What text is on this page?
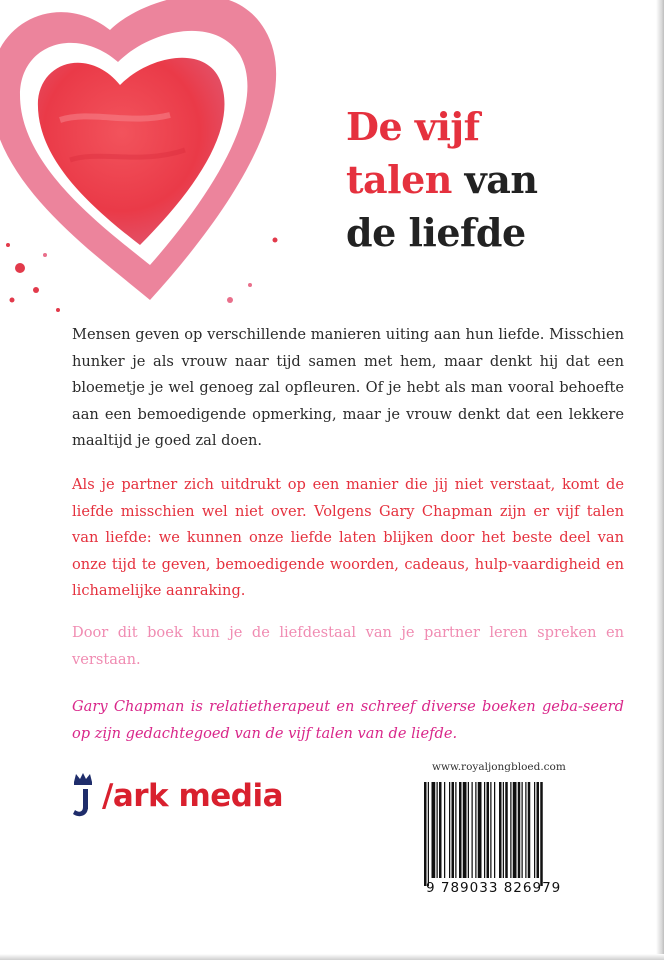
De vijf
talen van
de liefde
Mensen geven op verschillende manieren uiting aan hun liefde. Misschien hunker je als vrouw naar tijd samen met hem, maar denkt hij dat een bloemetje je wel genoeg zal opfleuren. Of je hebt als man vooral behoefte aan een bemoedigende opmerking, maar je vrouw denkt dat een lekkere maaltijd je goed zal doen.
Als je partner zich uitdrukt op een manier die jij niet verstaat, komt de liefde misschien wel niet over. Volgens Gary Chapman zijn er vijf talen van liefde: we kunnen onze liefde laten blijken door het beste deel van onze tijd te geven, bemoedigende woorden, cadeaus, hulp-vaardigheid en lichamelijke aanraking.
Door dit boek kun je de liefdestaal van je partner leren spreken en verstaan.
Gary Chapman is relatietherapeut en schreef diverse boeken geba-seerd op zijn gedachtegoed van de vijf talen van de liefde.
/ark media
www.royaljongbloed.com
9 789033 826979
